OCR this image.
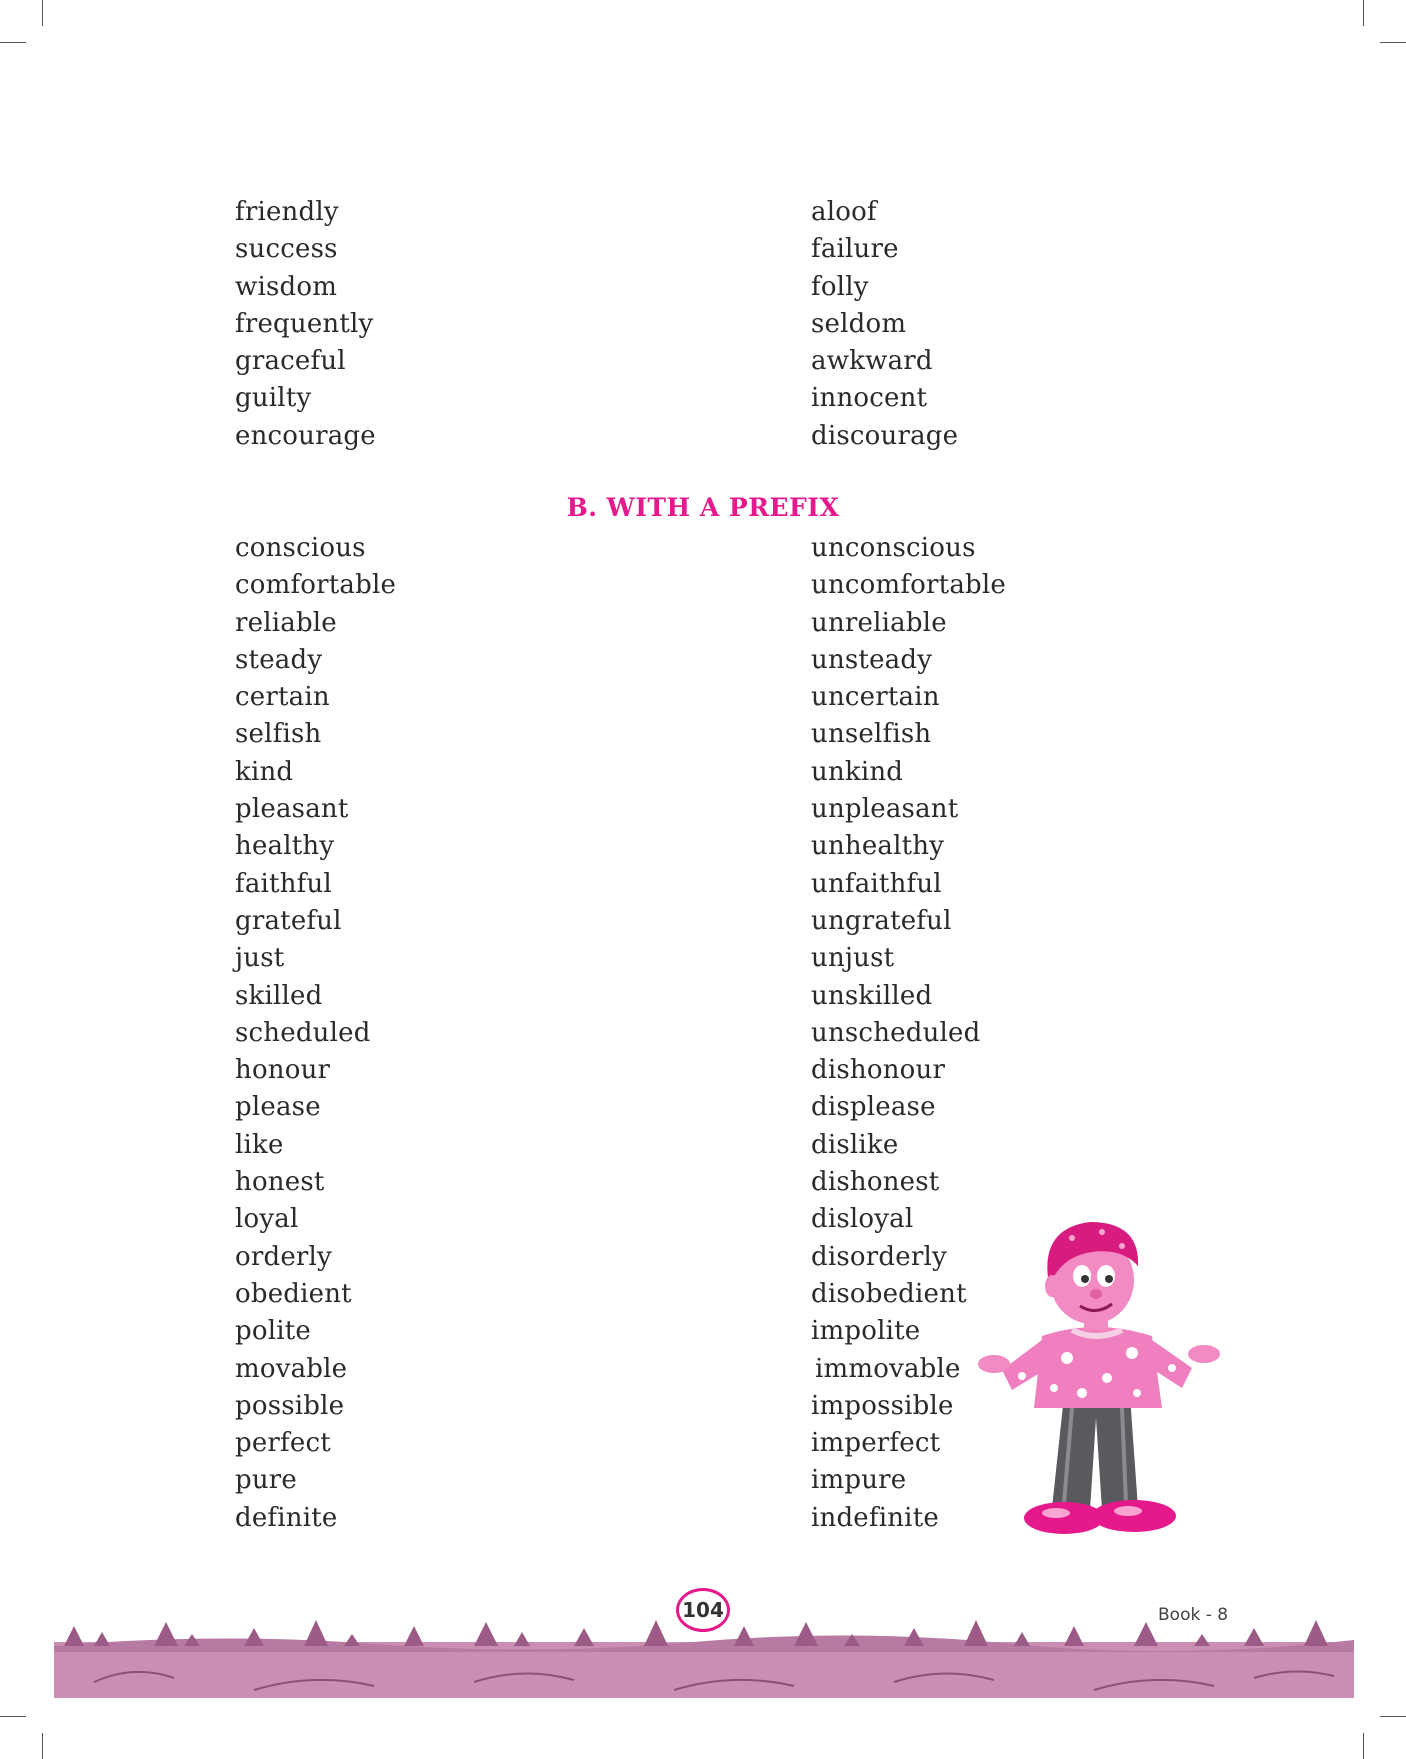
friendly
success
wisdom
frequently
graceful
guilty
encourage
aloof
failure
folly
seldom
awkward
innocent
discourage
B. WITH A PREFIX
conscious
comfortable
reliable
steady
certain
selfish
kind
pleasant
healthy
faithful
grateful
just
skilled
scheduled
honour
please
like
honest
loyal
orderly
obedient
polite
movable
possible
perfect
pure
definite
unconscious
uncomfortable
unreliable
unsteady
uncertain
unselfish
unkind
unpleasant
unhealthy
unfaithful
ungrateful
unjust
unskilled
unscheduled
dishonour
displease
dislike
dishonest
disloyal
disorderly
disobedient
impolite
immovable
impossible
imperfect
impure
indefinite
104	Book - 8
